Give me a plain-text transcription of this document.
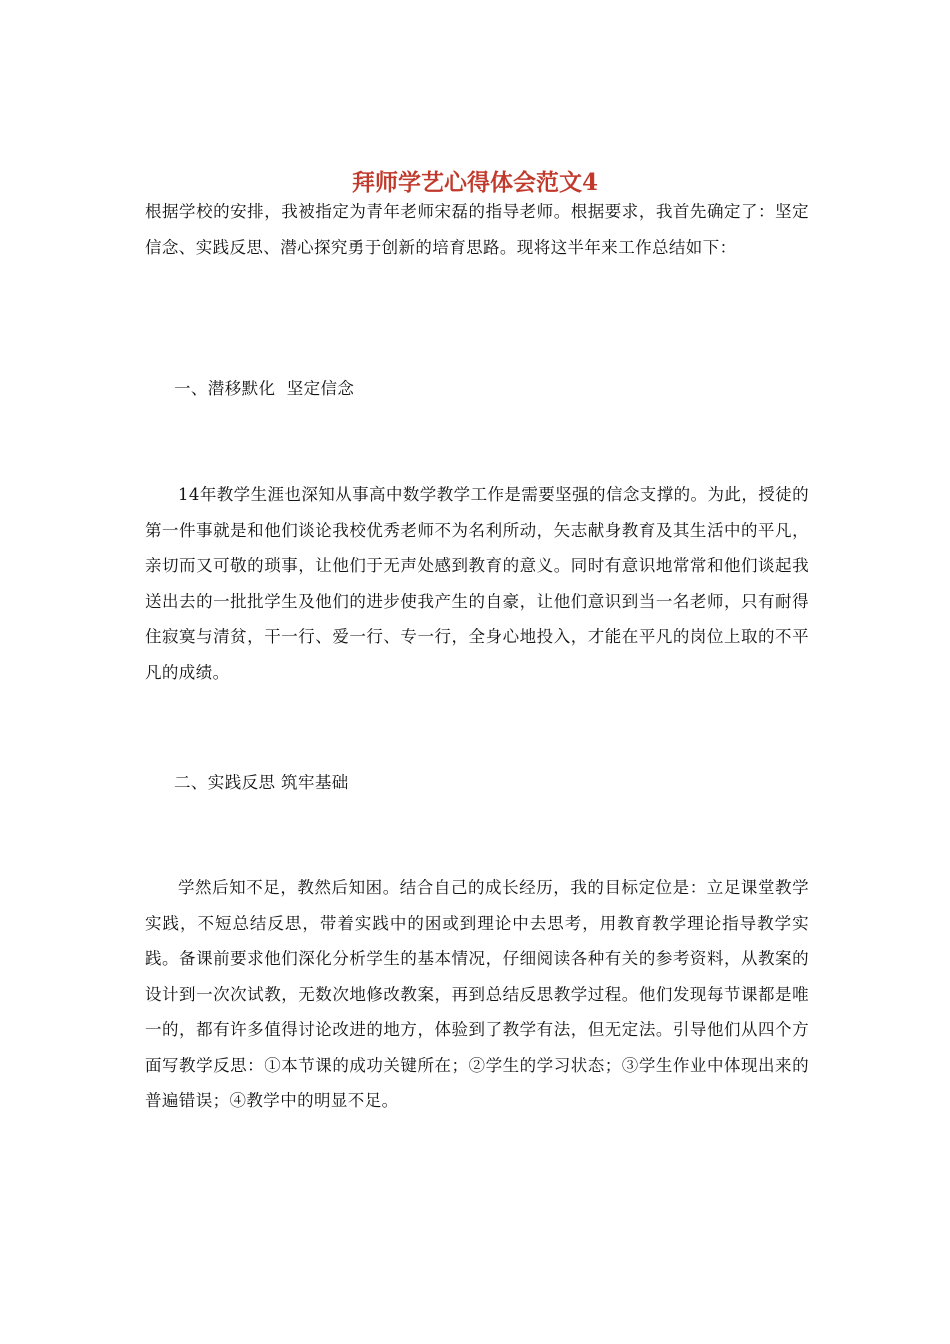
拜师学艺心得体会范文4

根据学校的安排，我被指定为青年老师宋磊的指导老师。根据要求，我首先确定了：坚定信念、实践反思、潜心探究勇于创新的培育思路。现将这半年来工作总结如下：

一、潜移默化  坚定信念

14年教学生涯也深知从事高中数学教学工作是需要坚强的信念支撑的。为此，授徒的第一件事就是和他们谈论我校优秀老师不为名利所动，矢志献身教育及其生活中的平凡，亲切而又可敬的琐事，让他们于无声处感到教育的意义。同时有意识地常常和他们谈起我送出去的一批批学生及他们的进步使我产生的自豪，让他们意识到当一名老师，只有耐得住寂寞与清贫，干一行、爱一行、专一行，全身心地投入，才能在平凡的岗位上取的不平凡的成绩。

二、实践反思 筑牢基础

学然后知不足，教然后知困。结合自己的成长经历，我的目标定位是：立足课堂教学实践，不短总结反思，带着实践中的困或到理论中去思考，用教育教学理论指导教学实践。备课前要求他们深化分析学生的基本情况，仔细阅读各种有关的参考资料，从教案的设计到一次次试教，无数次地修改教案，再到总结反思教学过程。他们发现每节课都是唯一的，都有许多值得讨论改进的地方，体验到了教学有法，但无定法。引导他们从四个方面写教学反思：①本节课的成功关键所在；②学生的学习状态；③学生作业中体现出来的普遍错误；④教学中的明显不足。
